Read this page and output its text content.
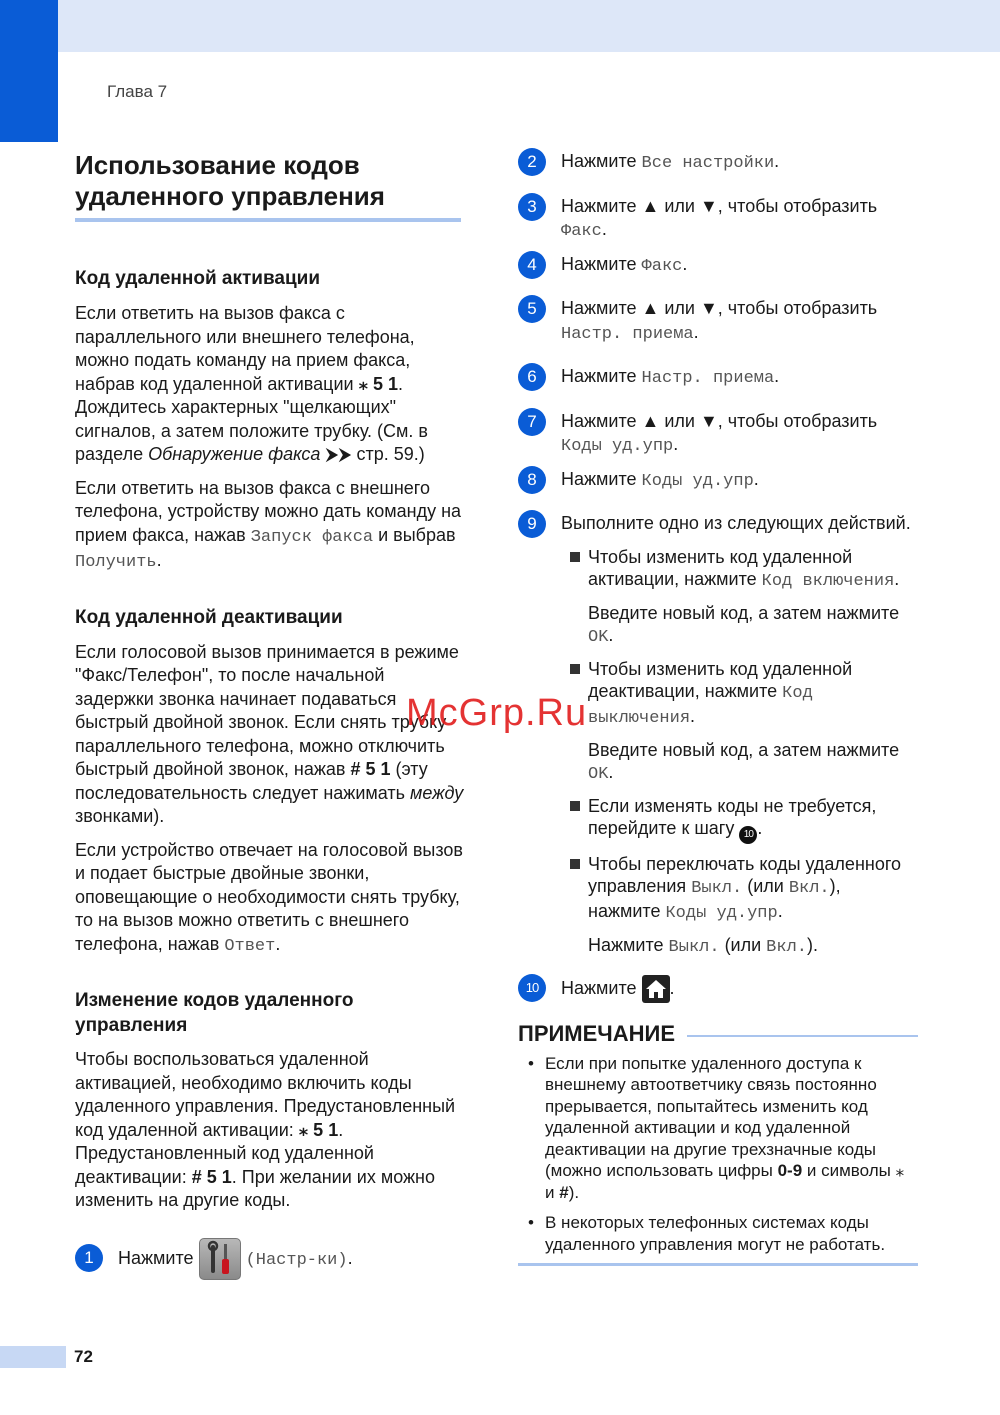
Глава 7
Использование кодов удаленного управления
Код удаленной активации

Если ответить на вызов факса с параллельного или внешнего телефона, можно подать команду на прием факса, набрав код удаленной активации ⁎ 5 1. Дождитесь характерных "щелкающих" сигналов, а затем положите трубку. (См. в разделе Обнаружение факса ⮞⮞ стр. 59.)

Если ответить на вызов факса с внешнего телефона, устройству можно дать команду на прием факса, нажав Запуск факса и выбрав Получить.

Код удаленной деактивации

Если голосовой вызов принимается в режиме "Факс/Телефон", то после начальной задержки звонка начинает подаваться быстрый двойной звонок. Если снять трубку параллельного телефона, можно отключить быстрый двойной звонок, нажав # 5 1 (эту последовательность следует нажимать между звонками).

Если устройство отвечает на голосовой вызов и подает быстрые двойные звонки, оповещающие о необходимости снять трубку, то на вызов можно ответить с внешнего телефона, нажав Ответ.

Изменение кодов удаленного управления

Чтобы воспользоваться удаленной активацией, необходимо включить коды удаленного управления. Предустановленный код удаленной активации: ⁎ 5 1. Предустановленный код удаленной деактивации: # 5 1. При желании их можно изменить на другие коды.

1	Нажмите	(Настр-ки).
2	Нажмите Все настройки.
3	Нажмите ▲ или ▼, чтобы отобразить Факс.
4	Нажмите Факс.
5	Нажмите ▲ или ▼, чтобы отобразить Настр. приема.
6	Нажмите Настр. приема.
7	Нажмите ▲ или ▼, чтобы отобразить Коды уд.упр.
8	Нажмите Коды уд.упр.
9	Выполните одно из следующих действий.
Чтобы изменить код удаленной активации, нажмите Код включения.
Введите новый код, а затем нажмите OK.
Чтобы изменить код удаленной деактивации, нажмите Код выключения.
Введите новый код, а затем нажмите OK.
Если изменять коды не требуется, перейдите к шагу 10 .
Чтобы переключать коды удаленного управления Выкл. (или Вкл.), нажмите Коды уд.упр.
Нажмите Выкл. (или Вкл.).
10	Нажмите .
ПРИМЕЧАНИЕ
• Если при попытке удаленного доступа к внешнему автоответчику связь постоянно прерывается, попытайтесь изменить код удаленной активации и код удаленной деактивации на другие трехзначные коды (можно использовать цифры 0-9 и символы ⁎ и #).
• В некоторых телефонных системах коды удаленного управления могут не работать.
McGrp.Ru
72
